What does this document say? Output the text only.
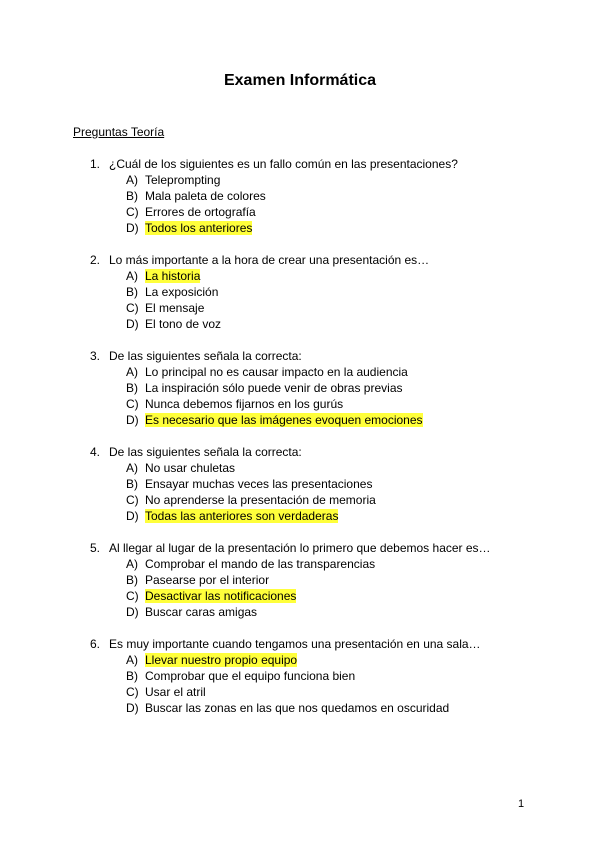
Examen Informática
Preguntas Teoría
1. ¿Cuál de los siguientes es un fallo común en las presentaciones?
A) Teleprompting
B) Mala paleta de colores
C) Errores de ortografía
D) Todos los anteriores
2. Lo más importante a la hora de crear una presentación es…
A) La historia
B) La exposición
C) El mensaje
D) El tono de voz
3. De las siguientes señala la correcta:
A) Lo principal no es causar impacto en la audiencia
B) La inspiración sólo puede venir de obras previas
C) Nunca debemos fijarnos en los gurús
D) Es necesario que las imágenes evoquen emociones
4. De las siguientes señala la correcta:
A) No usar chuletas
B) Ensayar muchas veces las presentaciones
C) No aprenderse la presentación de memoria
D) Todas las anteriores son verdaderas
5. Al llegar al lugar de la presentación lo primero que debemos hacer es…
A) Comprobar el mando de las transparencias
B) Pasearse por el interior
C) Desactivar las notificaciones
D) Buscar caras amigas
6. Es muy importante cuando tengamos una presentación en una sala…
A) Llevar nuestro propio equipo
B) Comprobar que el equipo funciona bien
C) Usar el atril
D) Buscar las zonas en las que nos quedamos en oscuridad
1
